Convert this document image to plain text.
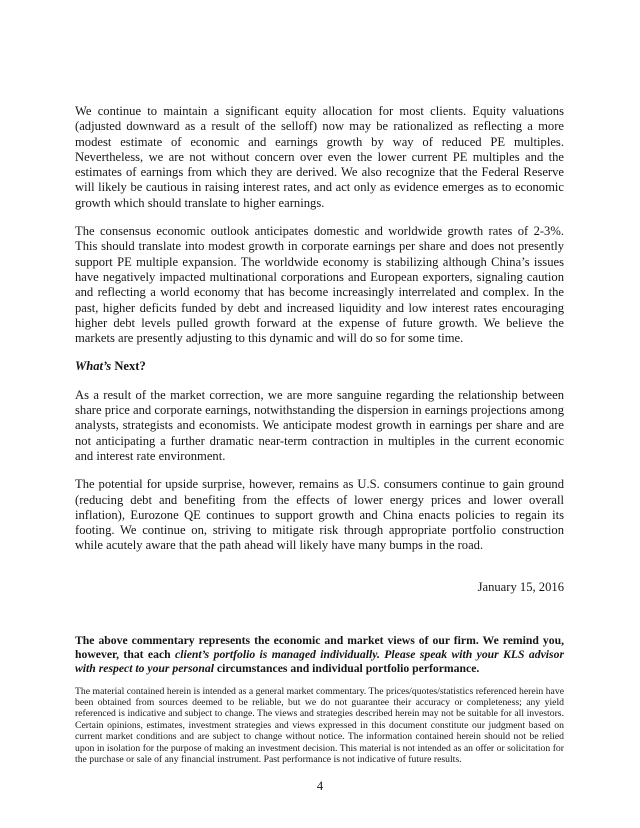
We continue to maintain a significant equity allocation for most clients. Equity valuations (adjusted downward as a result of the selloff) now may be rationalized as reflecting a more modest estimate of economic and earnings growth by way of reduced PE multiples. Nevertheless, we are not without concern over even the lower current PE multiples and the estimates of earnings from which they are derived. We also recognize that the Federal Reserve will likely be cautious in raising interest rates, and act only as evidence emerges as to economic growth which should translate to higher earnings.

The consensus economic outlook anticipates domestic and worldwide growth rates of 2-3%. This should translate into modest growth in corporate earnings per share and does not presently support PE multiple expansion. The worldwide economy is stabilizing although China’s issues have negatively impacted multinational corporations and European exporters, signaling caution and reflecting a world economy that has become increasingly interrelated and complex. In the past, higher deficits funded by debt and increased liquidity and low interest rates encouraging higher debt levels pulled growth forward at the expense of future growth. We believe the markets are presently adjusting to this dynamic and will do so for some time.

What’s Next?

As a result of the market correction, we are more sanguine regarding the relationship between share price and corporate earnings, notwithstanding the dispersion in earnings projections among analysts, strategists and economists. We anticipate modest growth in earnings per share and are not anticipating a further dramatic near-term contraction in multiples in the current economic and interest rate environment.

The potential for upside surprise, however, remains as U.S. consumers continue to gain ground (reducing debt and benefiting from the effects of lower energy prices and lower overall inflation), Eurozone QE continues to support growth and China enacts policies to regain its footing. We continue on, striving to mitigate risk through appropriate portfolio construction while acutely aware that the path ahead will likely have many bumps in the road.

January 15, 2016
The above commentary represents the economic and market views of our firm. We remind you, however, that each client’s portfolio is managed individually. Please speak with your KLS advisor with respect to your personal circumstances and individual portfolio performance.
The material contained herein is intended as a general market commentary. The prices/quotes/statistics referenced herein have been obtained from sources deemed to be reliable, but we do not guarantee their accuracy or completeness; any yield referenced is indicative and subject to change. The views and strategies described herein may not be suitable for all investors. Certain opinions, estimates, investment strategies and views expressed in this document constitute our judgment based on current market conditions and are subject to change without notice. The information contained herein should not be relied upon in isolation for the purpose of making an investment decision. This material is not intended as an offer or solicitation for the purchase or sale of any financial instrument. Past performance is not indicative of future results.
4
